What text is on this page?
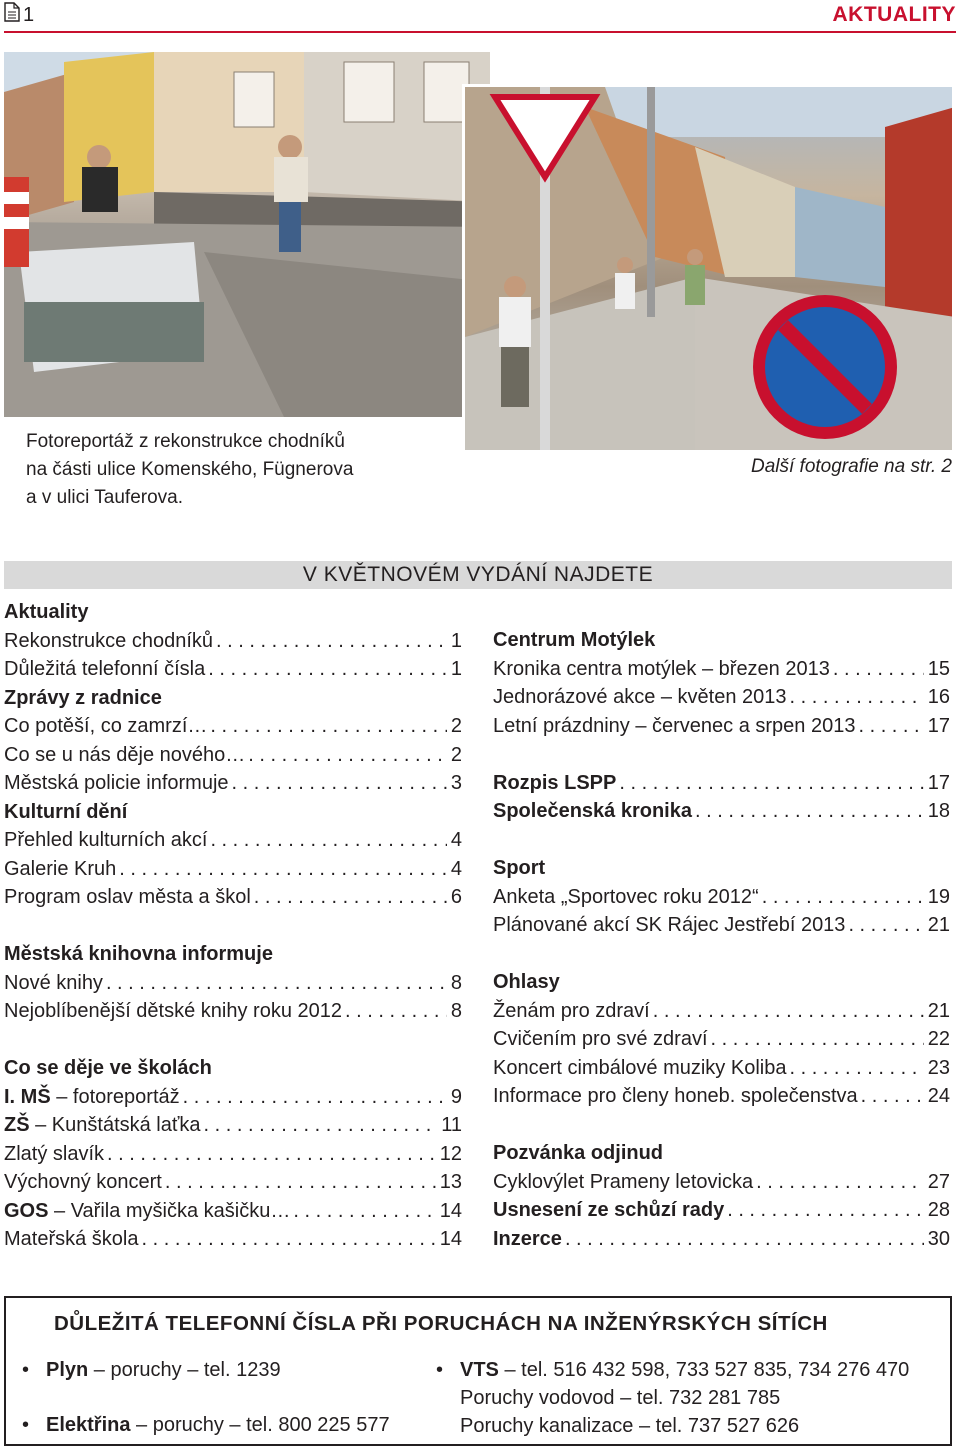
1	AKTUALITY
Fotoreportáž z rekonstrukce chodníků
na části ulice Komenského, Fügnerova
a v ulici Tauferova.
Další fotografie na str. 2
V KVĚTNOVÉM VYDÁNÍ NAJDETE
Aktuality
Rekonstrukce chodníků . . .	1
Důležitá telefonní čísla . . .	1
Zprávy z radnice
Co potěší, co zamrzí… . . .	2
Co se u nás děje nového… . . .	2
Městská policie informuje . . .	3
Kulturní dění
Přehled kulturních akcí . . .	4
Galerie Kruh . . .	4
Program oslav města a škol . . .	6
Městská knihovna informuje
Nové knihy . . .	8
Nejoblíbenější dětské knihy roku 2012 . . .	8
Co se děje ve školách
I. MŠ – fotoreportáž . . .	9
ZŠ – Kunštátská laťka . . .	11
Zlatý slavík . . .	12
Výchovný koncert . . .	13
GOS – Vařila myšička kašičku… . . .	14
Mateřská škola . . .	14
Centrum Motýlek
Kronika centra motýlek – březen 2013 . . .	15
Jednorázové akce – květen 2013 . . .	16
Letní prázdniny – červenec a srpen 2013 . . .	17
Rozpis LSPP . . .	17
Společenská kronika . . .	18
Sport
Anketa „Sportovec roku 2012“ . . .	19
Plánované akcí SK Rájec Jestřebí 2013 . . .	21
Ohlasy
Ženám pro zdraví . . .	21
Cvičením pro své zdraví . . .	22
Koncert cimbálové muziky Koliba . . .	23
Informace pro členy honeb. společenstva . . .	24
Pozvánka odjinud
Cyklovýlet Prameny letovicka . . .	27
Usnesení ze schůzí rady . . .	28
Inzerce . . .	30
DŮLEŽITÁ TELEFONNÍ ČÍSLA PŘI PORUCHÁCH NA INŽENÝRSKÝCH SÍTÍCH
• Plyn – poruchy – tel. 1239
• Elektřina – poruchy – tel. 800 225 577
• VTS – tel. 516 432 598, 733 527 835, 734 276 470
Poruchy vodovod – tel. 732 281 785
Poruchy kanalizace – tel. 737 527 626
